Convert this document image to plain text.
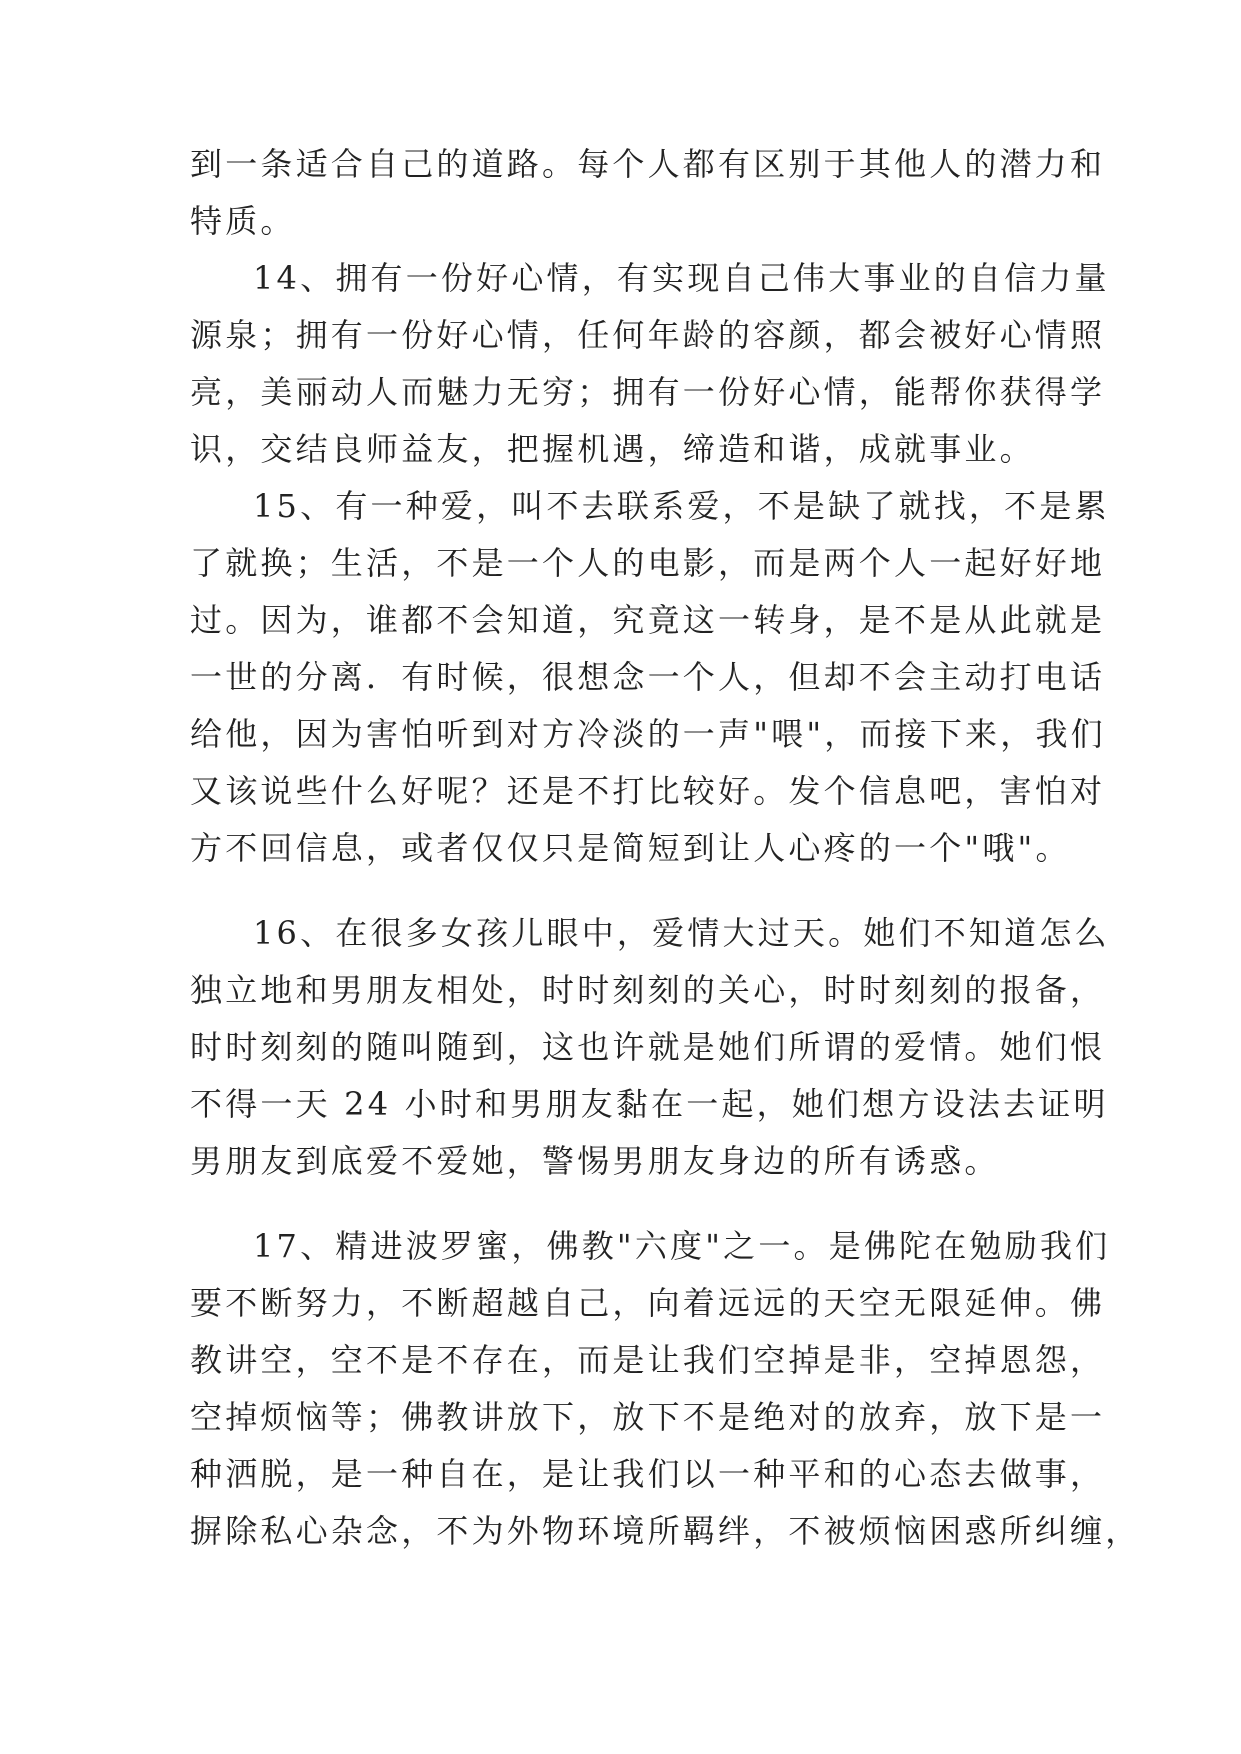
到一条适合自己的道路。每个人都有区别于其他人的潜力和
特质。
14、拥有一份好心情，有实现自己伟大事业的自信力量
源泉；拥有一份好心情，任何年龄的容颜，都会被好心情照
亮，美丽动人而魅力无穷；拥有一份好心情，能帮你获得学
识，交结良师益友，把握机遇，缔造和谐，成就事业。
15、有一种爱，叫不去联系爱，不是缺了就找，不是累
了就换；生活，不是一个人的电影，而是两个人一起好好地
过。因为，谁都不会知道，究竟这一转身，是不是从此就是
一世的分离．有时候，很想念一个人，但却不会主动打电话
给他，因为害怕听到对方冷淡的一声"喂"，而接下来，我们
又该说些什么好呢？还是不打比较好。发个信息吧，害怕对
方不回信息，或者仅仅只是简短到让人心疼的一个"哦"。
16、在很多女孩儿眼中，爱情大过天。她们不知道怎么
独立地和男朋友相处，时时刻刻的关心，时时刻刻的报备，
时时刻刻的随叫随到，这也许就是她们所谓的爱情。她们恨
不得一天 24 小时和男朋友黏在一起，她们想方设法去证明
男朋友到底爱不爱她，警惕男朋友身边的所有诱惑。
17、精进波罗蜜，佛教"六度"之一。是佛陀在勉励我们
要不断努力，不断超越自己，向着远远的天空无限延伸。佛
教讲空，空不是不存在，而是让我们空掉是非，空掉恩怨，
空掉烦恼等；佛教讲放下，放下不是绝对的放弃，放下是一
种洒脱，是一种自在，是让我们以一种平和的心态去做事，
摒除私心杂念，不为外物环境所羁绊，不被烦恼困惑所纠缠，
